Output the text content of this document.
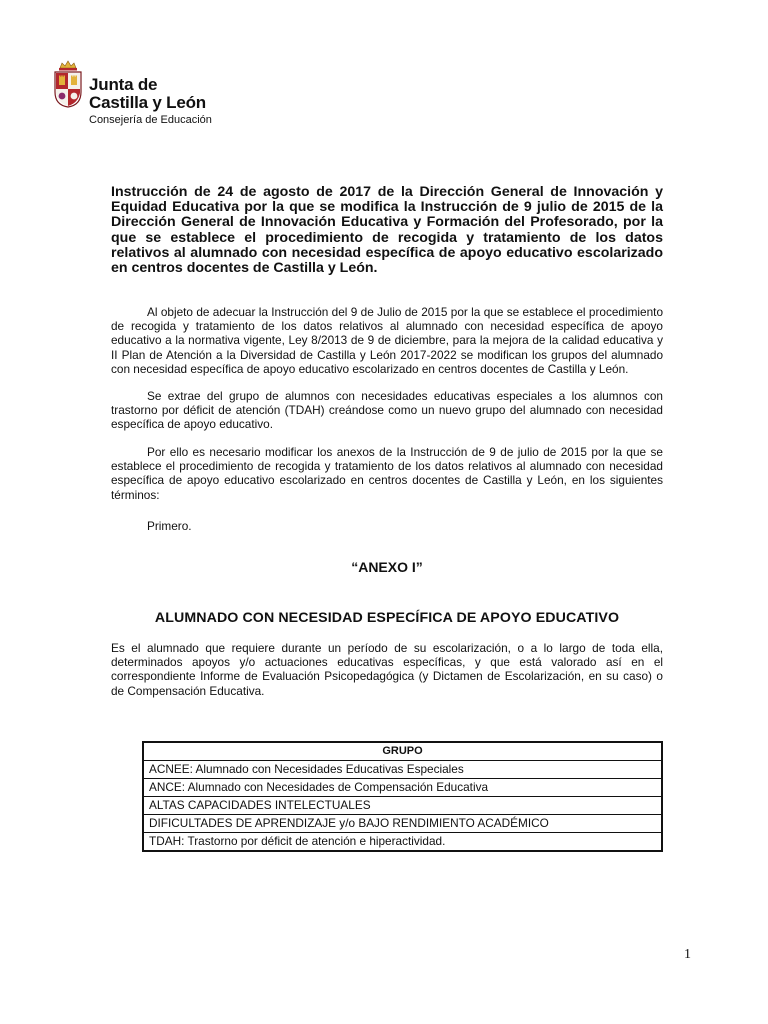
Junta de
Castilla y León
Consejería de Educación

Instrucción de 24 de agosto de 2017 de la Dirección General de Innovación y Equidad Educativa por la que se modifica la Instrucción de 9 julio de 2015 de la Dirección General de Innovación Educativa y Formación del Profesorado, por la que se establece el procedimiento de recogida y tratamiento de los datos relativos al alumnado con necesidad específica de apoyo educativo escolarizado en centros docentes de Castilla y León.

Al objeto de adecuar la Instrucción del 9 de Julio de 2015 por la que se establece el procedimiento de recogida y tratamiento de los datos relativos al alumnado con necesidad específica de apoyo educativo a la normativa vigente, Ley 8/2013 de 9 de diciembre, para la mejora de la calidad educativa y II Plan de Atención a la Diversidad de Castilla y León 2017-2022 se modifican los grupos del alumnado con necesidad específica de apoyo educativo escolarizado en centros docentes de Castilla y León.

Se extrae del grupo de alumnos con necesidades educativas especiales a los alumnos con trastorno por déficit de atención (TDAH) creándose como un nuevo grupo del alumnado con necesidad específica de apoyo educativo.

Por ello es necesario modificar los anexos de la Instrucción de 9 de julio de 2015 por la que se establece el procedimiento de recogida y tratamiento de los datos relativos al alumnado con necesidad específica de apoyo educativo escolarizado en centros docentes de Castilla y León, en los siguientes términos:

Primero.

“ANEXO I”

ALUMNADO CON NECESIDAD ESPECÍFICA DE APOYO EDUCATIVO

Es el alumnado que requiere durante un período de su escolarización, o a lo largo de toda ella, determinados apoyos y/o actuaciones educativas específicas, y que está valorado así en el correspondiente Informe de Evaluación Psicopedagógica (y Dictamen de Escolarización, en su caso) o de Compensación Educativa.

GRUPO
ACNEE: Alumnado con Necesidades Educativas Especiales
ANCE: Alumnado con Necesidades de Compensación Educativa
ALTAS CAPACIDADES INTELECTUALES
DIFICULTADES DE APRENDIZAJE y/o BAJO RENDIMIENTO ACADÉMICO
TDAH: Trastorno por déficit de atención e hiperactividad.
1
